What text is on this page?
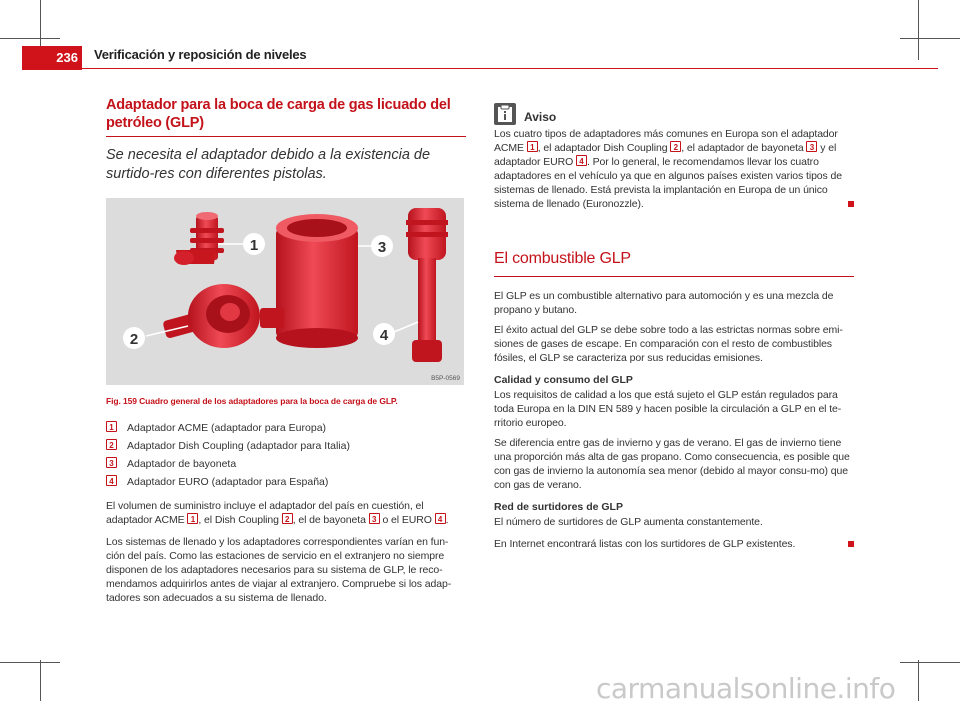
236 Verificación y reposición de niveles
Adaptador para la boca de carga de gas licuado del petróleo (GLP)
Se necesita el adaptador debido a la existencia de surtido-res con diferentes pistolas.
1
2
3
4
B5P-0569
Fig. 159 Cuadro general de los adaptadores para la boca de carga de GLP.
1 Adaptador ACME (adaptador para Europa)
2 Adaptador Dish Coupling (adaptador para Italia)
3 Adaptador de bayoneta
4 Adaptador EURO (adaptador para España)
El volumen de suministro incluye el adaptador del país en cuestión, el adaptador ACME 1 , el Dish Coupling 2 , el de bayoneta 3 o el EURO 4 .
Los sistemas de llenado y los adaptadores correspondientes varían en fun-ción del país. Como las estaciones de servicio en el extranjero no siempre disponen de los adaptadores necesarios para su sistema de GLP, le reco-mendamos adquirirlos antes de viajar al extranjero. Compruebe si los adap-tadores son adecuados a su sistema de llenado.
Aviso
Los cuatro tipos de adaptadores más comunes en Europa son el adaptador ACME 1 , el adaptador Dish Coupling 2 , el adaptador de bayoneta 3 y el adaptador EURO 4 . Por lo general, le recomendamos llevar los cuatro adaptadores en el vehículo ya que en algunos países existen varios tipos de sistemas de llenado. Está prevista la implantación en Europa de un único sistema de llenado (Euronozzle).
El combustible GLP
El GLP es un combustible alternativo para automoción y es una mezcla de propano y butano.
El éxito actual del GLP se debe sobre todo a las estrictas normas sobre emi-siones de gases de escape. En comparación con el resto de combustibles fósiles, el GLP se caracteriza por sus reducidas emisiones.
Calidad y consumo del GLP
Los requisitos de calidad a los que está sujeto el GLP están regulados para toda Europa en la DIN EN 589 y hacen posible la circulación a GLP en el te-rritorio europeo.
Se diferencia entre gas de invierno y gas de verano. El gas de invierno tiene una proporción más alta de gas propano. Como consecuencia, es posible que con gas de invierno la autonomía sea menor (debido al mayor consu-mo) que con gas de verano.
Red de surtidores de GLP
El número de surtidores de GLP aumenta constantemente.
En Internet encontrará listas con los surtidores de GLP existentes.
carmanualsonline.info
